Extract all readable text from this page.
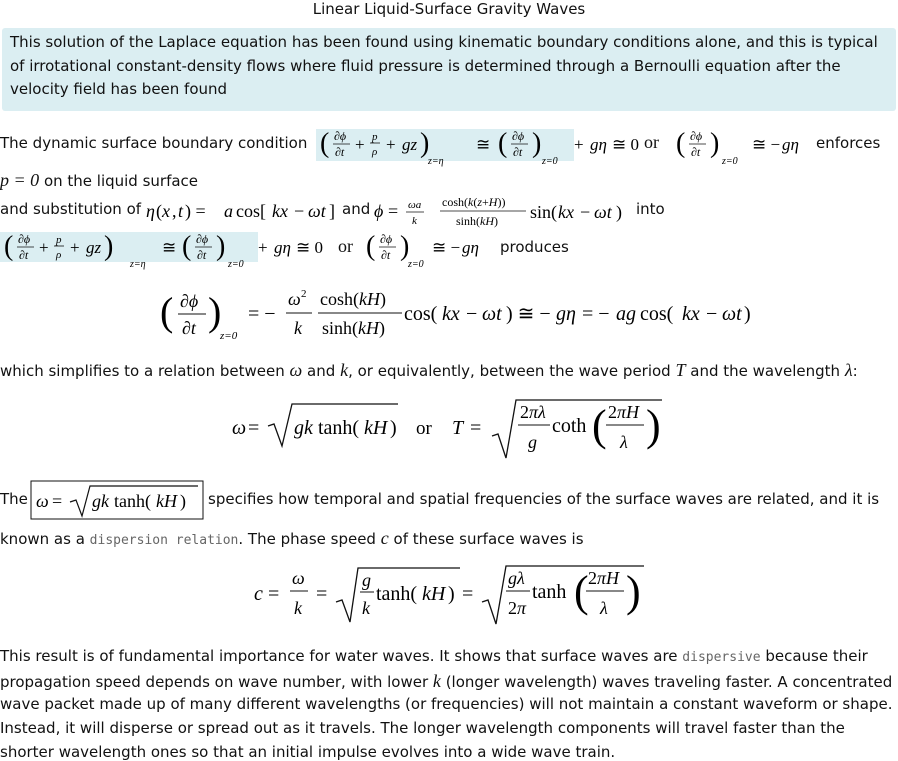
Linear Liquid-Surface Gravity Waves
This solution of the Laplace equation has been found using kinematic boundary conditions alone, and this is typical of irrotational constant-density flows where fluid pressure is determined through a Bernoulli equation after the velocity field has been found
The dynamic surface boundary condition ( ∂ϕ
∂t + p
ρ + gz )
z=η
≅ ( ∂ϕ
∂t )
z=0
+ gη ≅ 0 or ( ∂ϕ
∂t )
z=0
≅ − gη enforces
p = 0 on the liquid surface
and substitution of η ( x , t ) = a cos[ kx − ωt ] and ϕ = ωa
k
cosh(k(z+H))
sinh(kH) sin( kx − ωt ) into
( ∂ϕ
∂t + p
ρ + gz )
z=η
≅ ( ∂ϕ
∂t )
z=0
+ gη ≅ 0 or ( ∂ϕ
∂t )
z=0
≅ − gη produces
( ∂ϕ
∂t )
z=0
= −
ω 2
k
cosh(kH)
sinh(kH)
cos( kx − ωt ) ≅ − gη = − ag cos( kx − ωt )
which simplifies to a relation between ω and k, or equivalently, between the wave period T and the wavelength λ:
ω = gk tanh( kH ) or T =
2πλ
g
coth ( 2πH
λ )
The ω = gk tanh( kH ) specifies how temporal and spatial frequencies of the surface waves are related, and it is
known as a dispersion relation. The phase speed c of these surface waves is
c =
ω
k
=
g
k
tanh( kH ) =
gλ
2π
tanh ( 2πH
λ )
This result is of fundamental importance for water waves. It shows that surface waves are dispersive because their
propagation speed depends on wave number, with lower k (longer wavelength) waves traveling faster. A concentrated
wave packet made up of many different wavelengths (or frequencies) will not maintain a constant waveform or shape.
Instead, it will disperse or spread out as it travels. The longer wavelength components will travel faster than the
shorter wavelength ones so that an initial impulse evolves into a wide wave train.
